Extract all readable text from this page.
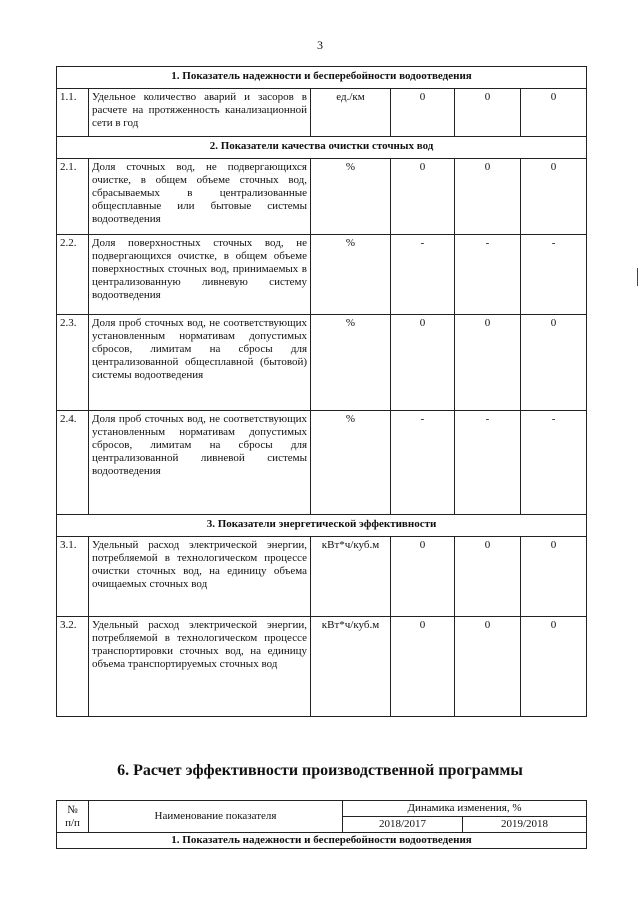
3
1. Показатель надежности и бесперебойности водоотведения					
1.1.	Удельное количество аварий и засоров в расчете на протяженность канализационной сети в год	ед./км	0	0	0
2. Показатели качества очистки сточных вод					
2.1.	Доля сточных вод, не подвергающихся очистке, в общем объеме сточных вод, сбрасываемых в централизованные общесплавные или бытовые системы водоотведения	%	0	0	0
2.2.	Доля поверхностных сточных вод, не подвергающихся очистке, в общем объеме поверхностных сточных вод, принимаемых в централизованную ливневую систему водоотведения	%	-	-	-
2.3.	Доля проб сточных вод, не соответствующих установленным нормативам допустимых сбросов, лимитам на сбросы для централизованной общесплавной (бытовой) системы водоотведения	%	0	0	0
2.4.	Доля проб сточных вод, не соответствующих установленным нормативам допустимых сбросов, лимитам на сбросы для централизованной ливневой системы водоотведения	%	-	-	-
3. Показатели энергетической эффективности					
3.1.	Удельный расход электрической энергии, потребляемой в технологическом процессе очистки сточных вод, на единицу объема очищаемых сточных вод	кВт*ч/куб.м	0	0	0
3.2.	Удельный расход электрической энергии, потребляемой в технологическом процессе транспортировки сточных вод, на единицу объема транспортируемых сточных вод	кВт*ч/куб.м	0	0	0
6. Расчет эффективности производственной программы
№
п/п	Наименование показателя	Динамика изменения, %	
		2018/2017	2019/2018
1. Показатель надежности и бесперебойности водоотведения			
